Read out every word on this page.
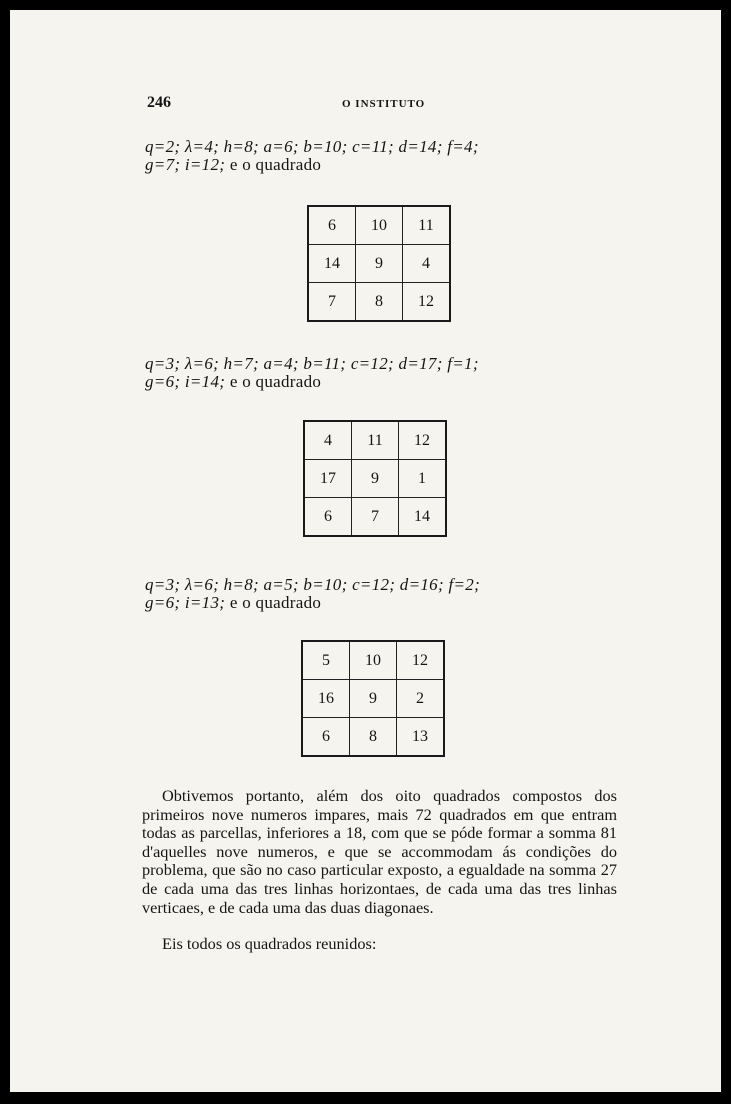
246	O INSTITUTO
q=2; λ=4; h=8; a=6; b=10; c=11; d=14; f=4;
g=7; i=12; e o quadrado
6	10	11
14	9	4
7	8	12
q=3; λ=6; h=7; a=4; b=11; c=12; d=17; f=1;
g=6; i=14; e o quadrado
4	11	12
17	9	1
6	7	14
q=3; λ=6; h=8; a=5; b=10; c=12; d=16; f=2;
g=6; i=13; e o quadrado
5	10	12
16	9	2
6	8	13

Obtivemos portanto, além dos oito quadrados compostos dos primeiros nove numeros impares, mais 72 quadrados em que entram todas as parcellas, inferiores a 18, com que se póde formar a somma 81 d'aquelles nove numeros, e que se accommodam ás condições do problema, que são no caso particular exposto, a egualdade na somma 27 de cada uma das tres linhas horizontaes, de cada uma das tres linhas verticaes, e de cada uma das duas diagonaes.

Eis todos os quadrados reunidos:
